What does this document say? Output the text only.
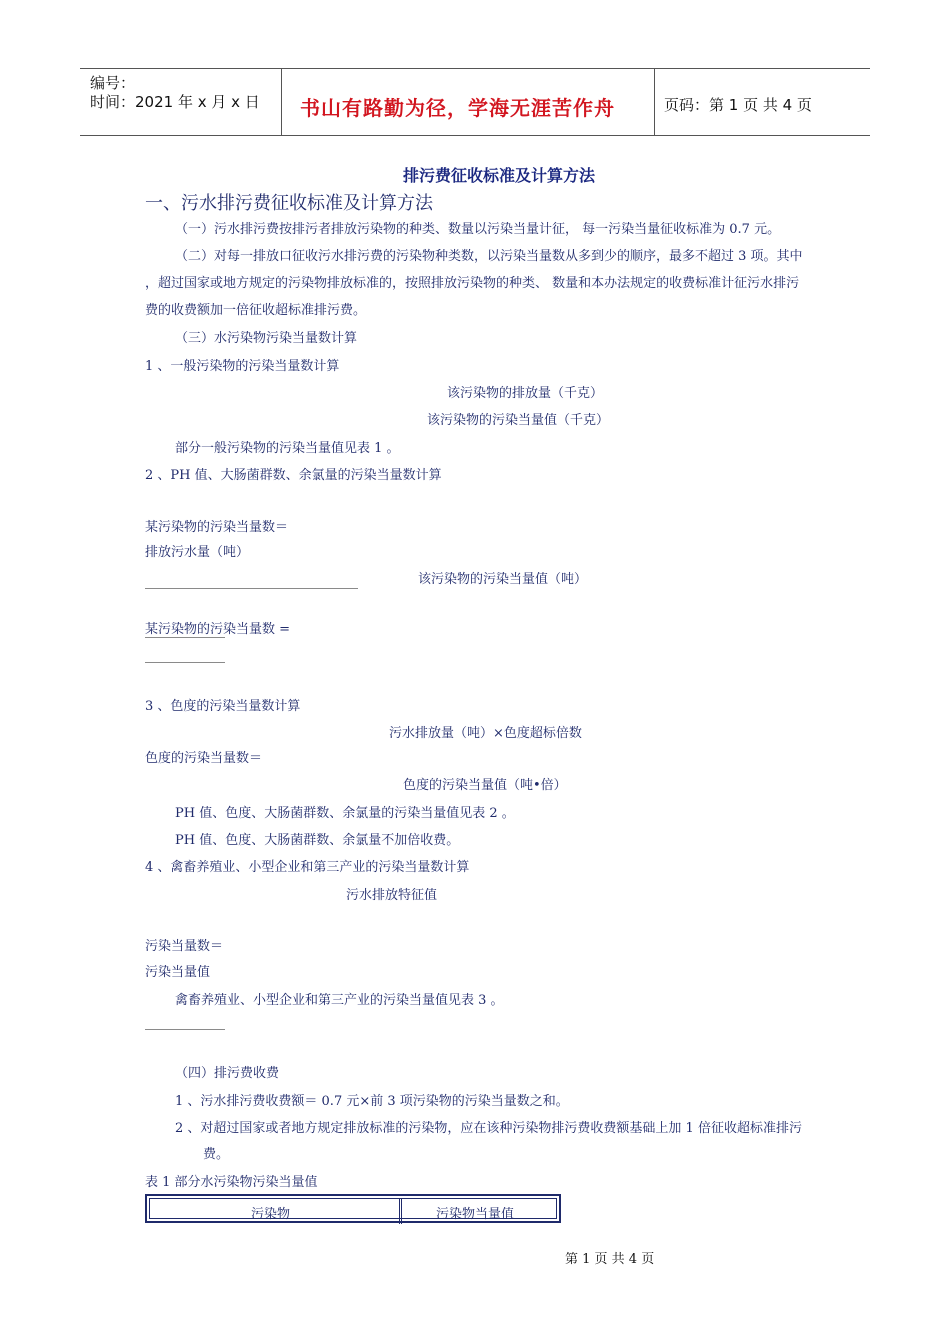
编号：
时间：2021 年 x 月 x 日 书山有路勤为径，学海无涯苦作舟	页码：第 1 页 共 4 页
排污费征收标准及计算方法
一、污水排污费征收标准及计算方法
（一）污水排污费按排污者排放污染物的种类、数量以污染当量计征， 每一污染当量征收标准为 0.7 元。
（二）对每一排放口征收污水排污费的污染物种类数，以污染当量数从多到少的顺序，最多不超过 3 项。其中
，超过国家或地方规定的污染物排放标准的，按照排放污染物的种类、 数量和本办法规定的收费标准计征污水排污
费的收费额加一倍征收超标准排污费。
（三）水污染物污染当量数计算
1 、一般污染物的污染当量数计算
该污染物的排放量（千克）
该污染物的污染当量值（千克）
部分一般污染物的污染当量值见表 1 。
2 、PH 值、大肠菌群数、余氯量的污染当量数计算
某污染物的污染当量数＝
排放污水量（吨）
该污染物的污染当量值（吨）
某污染物的污染当量数 =
3 、色度的污染当量数计算
污水排放量（吨）×色度超标倍数
色度的污染当量数＝
色度的污染当量值（吨•倍）
PH 值、色度、大肠菌群数、余氯量的污染当量值见表 2 。
PH 值、色度、大肠菌群数、余氯量不加倍收费。
4 、禽畜养殖业、小型企业和第三产业的污染当量数计算
污水排放特征值
污染当量数＝
污染当量值
禽畜养殖业、小型企业和第三产业的污染当量值见表 3 。
（四）排污费收费
1 、污水排污费收费额＝ 0.7 元×前 3 项污染物的污染当量数之和。
2 、对超过国家或者地方规定排放标准的污染物，应在该种污染物排污费收费额基础上加 1 倍征收超标准排污
费。
表 1 部分水污染物污染当量值
污染物	污染物当量值
第 1 页 共 4 页
